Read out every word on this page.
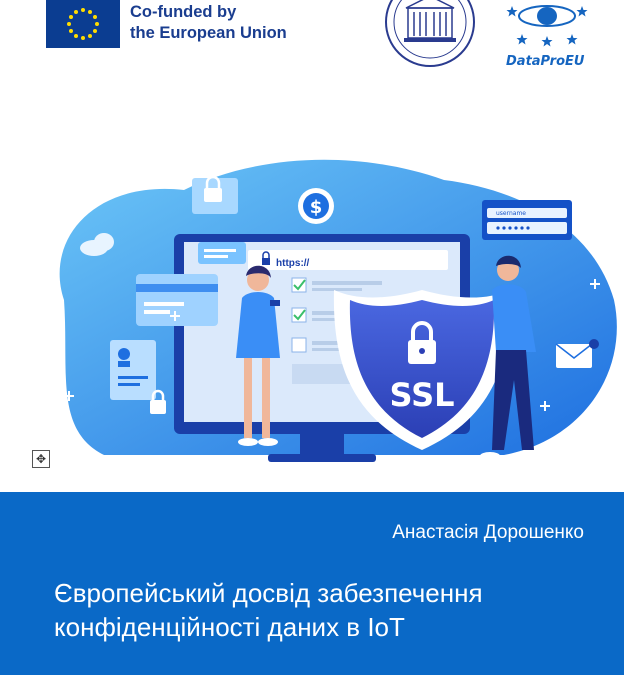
Co-funded by
the European Union
DataProEU
$	username
https://
SSL
✥
Анастасія Дорошенко
Європейський досвід забезпечення
конфіденційності даних в IoT
